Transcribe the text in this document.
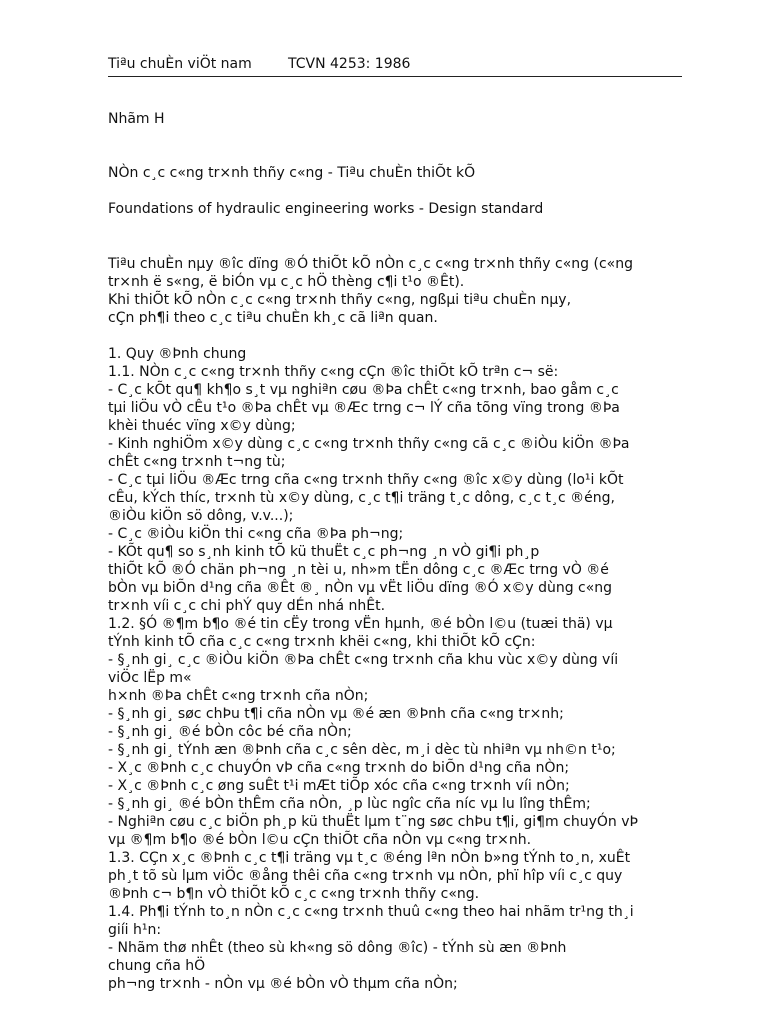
Tiªu chuÈn viÖt nam	TCVN 4253: 1986
Nhãm H
NÒn c¸c c«ng tr×nh thñy c«ng - Tiªu chuÈn thiÕt kÕ
Foundations of hydraulic engineering works - Design standard
Tiªu chuÈn nµy ®îc dïng ®Ó thiÕt kÕ nÒn c¸c c«ng tr×nh thñy c«ng (c«ng
tr×nh ë s«ng, ë biÓn vµ c¸c hÖ thèng c¶i t¹o ®Êt).
Khi thiÕt kÕ nÒn c¸c c«ng tr×nh thñy c«ng, ngßµi tiªu chuÈn nµy,
cÇn ph¶i theo c¸c tiªu chuÈn kh¸c cã liªn quan.
1. Quy ®Þnh chung
1.1. NÒn c¸c c«ng tr×nh thñy c«ng cÇn ®îc thiÕt kÕ trªn c¬ së:
- C¸c kÕt qu¶ kh¶o s¸t vµ nghiªn cøu ®Þa chÊt c«ng tr×nh, bao gåm c¸c
tµi liÖu vÒ cÊu t¹o ®Þa chÊt vµ ®Æc trng c¬ lÝ cña tõng vïng trong ®Þa
khèi thuéc vïng x©y dùng;
- Kinh nghiÖm x©y dùng c¸c c«ng tr×nh thñy c«ng cã c¸c ®iÒu kiÖn ®Þa
chÊt c«ng tr×nh t¬ng tù;
- C¸c tµi liÖu ®Æc trng cña c«ng tr×nh thñy c«ng ®îc x©y dùng (lo¹i kÕt
cÊu, kÝch thíc, tr×nh tù x©y dùng, c¸c t¶i träng t¸c dông, c¸c t¸c ®éng,
®iÒu kiÖn sö dông, v.v...);
- C¸c ®iÒu kiÖn thi c«ng cña ®Þa ph¬ng;
- KÕt qu¶ so s¸nh kinh tÕ kü thuËt c¸c ph¬ng ¸n vÒ gi¶i ph¸p
thiÕt kÕ ®Ó chän ph¬ng ¸n tèi u, nh»m tËn dông c¸c ®Æc trng vÒ ®é
bÒn vµ biÕn d¹ng cña ®Êt ®¸ nÒn vµ vËt liÖu dïng ®Ó x©y dùng c«ng
tr×nh víi c¸c chi phÝ quy dÉn nhá nhÊt.
1.2. §Ó ®¶m b¶o ®é tin cËy trong vËn hµnh, ®é bÒn l©u (tuæi thä) vµ
tÝnh kinh tÕ cña c¸c c«ng tr×nh khëi c«ng, khi thiÕt kÕ cÇn:
- §¸nh gi¸ c¸c ®iÒu kiÖn ®Þa chÊt c«ng tr×nh cña khu vùc x©y dùng víi
viÖc lËp m«
h×nh ®Þa chÊt c«ng tr×nh cña nÒn;
- §¸nh gi¸ søc chÞu t¶i cña nÒn vµ ®é æn ®Þnh cña c«ng tr×nh;
- §¸nh gi¸ ®é bÒn côc bé cña nÒn;
- §¸nh gi¸ tÝnh æn ®Þnh cña c¸c sên dèc, m¸i dèc tù nhiªn vµ nh©n t¹o;
- X¸c ®Þnh c¸c chuyÓn vÞ cña c«ng tr×nh do biÕn d¹ng cña nÒn;
- X¸c ®Þnh c¸c øng suÊt t¹i mÆt tiÕp xóc cña c«ng tr×nh víi nÒn;
- §¸nh gi¸ ®é bÒn thÊm cña nÒn, ¸p lùc ngîc cña níc vµ lu lîng thÊm;
- Nghiªn cøu c¸c biÖn ph¸p kü thuËt lµm t¨ng søc chÞu t¶i, gi¶m chuyÓn vÞ
vµ ®¶m b¶o ®é bÒn l©u cÇn thiÕt cña nÒn vµ c«ng tr×nh.
1.3. CÇn x¸c ®Þnh c¸c t¶i träng vµ t¸c ®éng lªn nÒn b»ng tÝnh to¸n, xuÊt
ph¸t tõ sù lµm viÖc ®ång thêi cña c«ng tr×nh vµ nÒn, phï hîp víi c¸c quy
®Þnh c¬ b¶n vÒ thiÕt kÕ c¸c c«ng tr×nh thñy c«ng.
1.4. Ph¶i tÝnh to¸n nÒn c¸c c«ng tr×nh thuû c«ng theo hai nhãm tr¹ng th¸i
giíi h¹n:
- Nhãm thø nhÊt (theo sù kh«ng sö dông ®îc) - tÝnh sù æn ®Þnh
chung cña hÖ
ph¬ng tr×nh - nÒn vµ ®é bÒn vÒ thµm cña nÒn;
